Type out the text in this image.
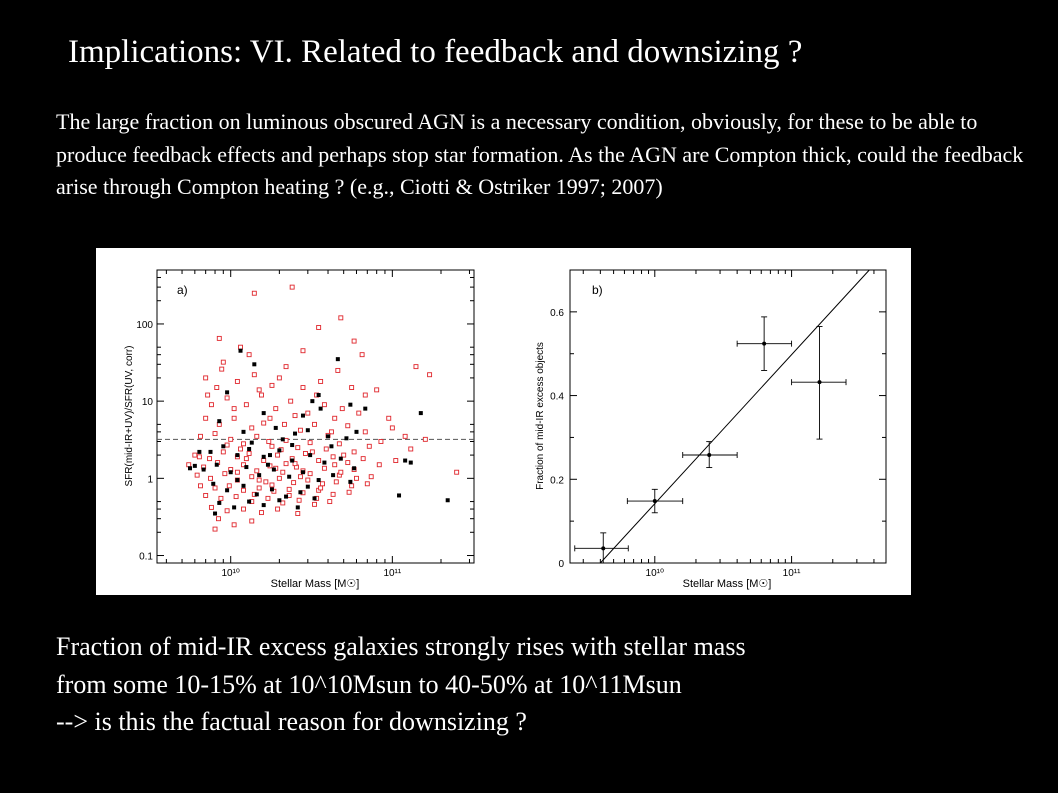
Implications: VI. Related to feedback and downsizing ?
The large fraction on luminous obscured AGN is a necessary condition, obviously, for these to be able to produce feedback effects and perhaps stop star formation. As the AGN are Compton thick, could the feedback arise through Compton heating ? (e.g., Ciotti & Ostriker 1997; 2007)
a)
10¹⁰	10¹¹
0.1
1
10
100
Stellar Mass [M☉]
SFR(mid-IR+UV)/SFR(UV, corr)
b)
10¹⁰	10¹¹
0
0.2
0.4
0.6
Stellar Mass [M☉]
Fraction of mid-IR excess objects
Fraction of mid-IR excess galaxies strongly rises with stellar mass
from some 10-15% at 10^10Msun to 40-50% at 10^11Msun
--> is this the factual reason for downsizing ?
